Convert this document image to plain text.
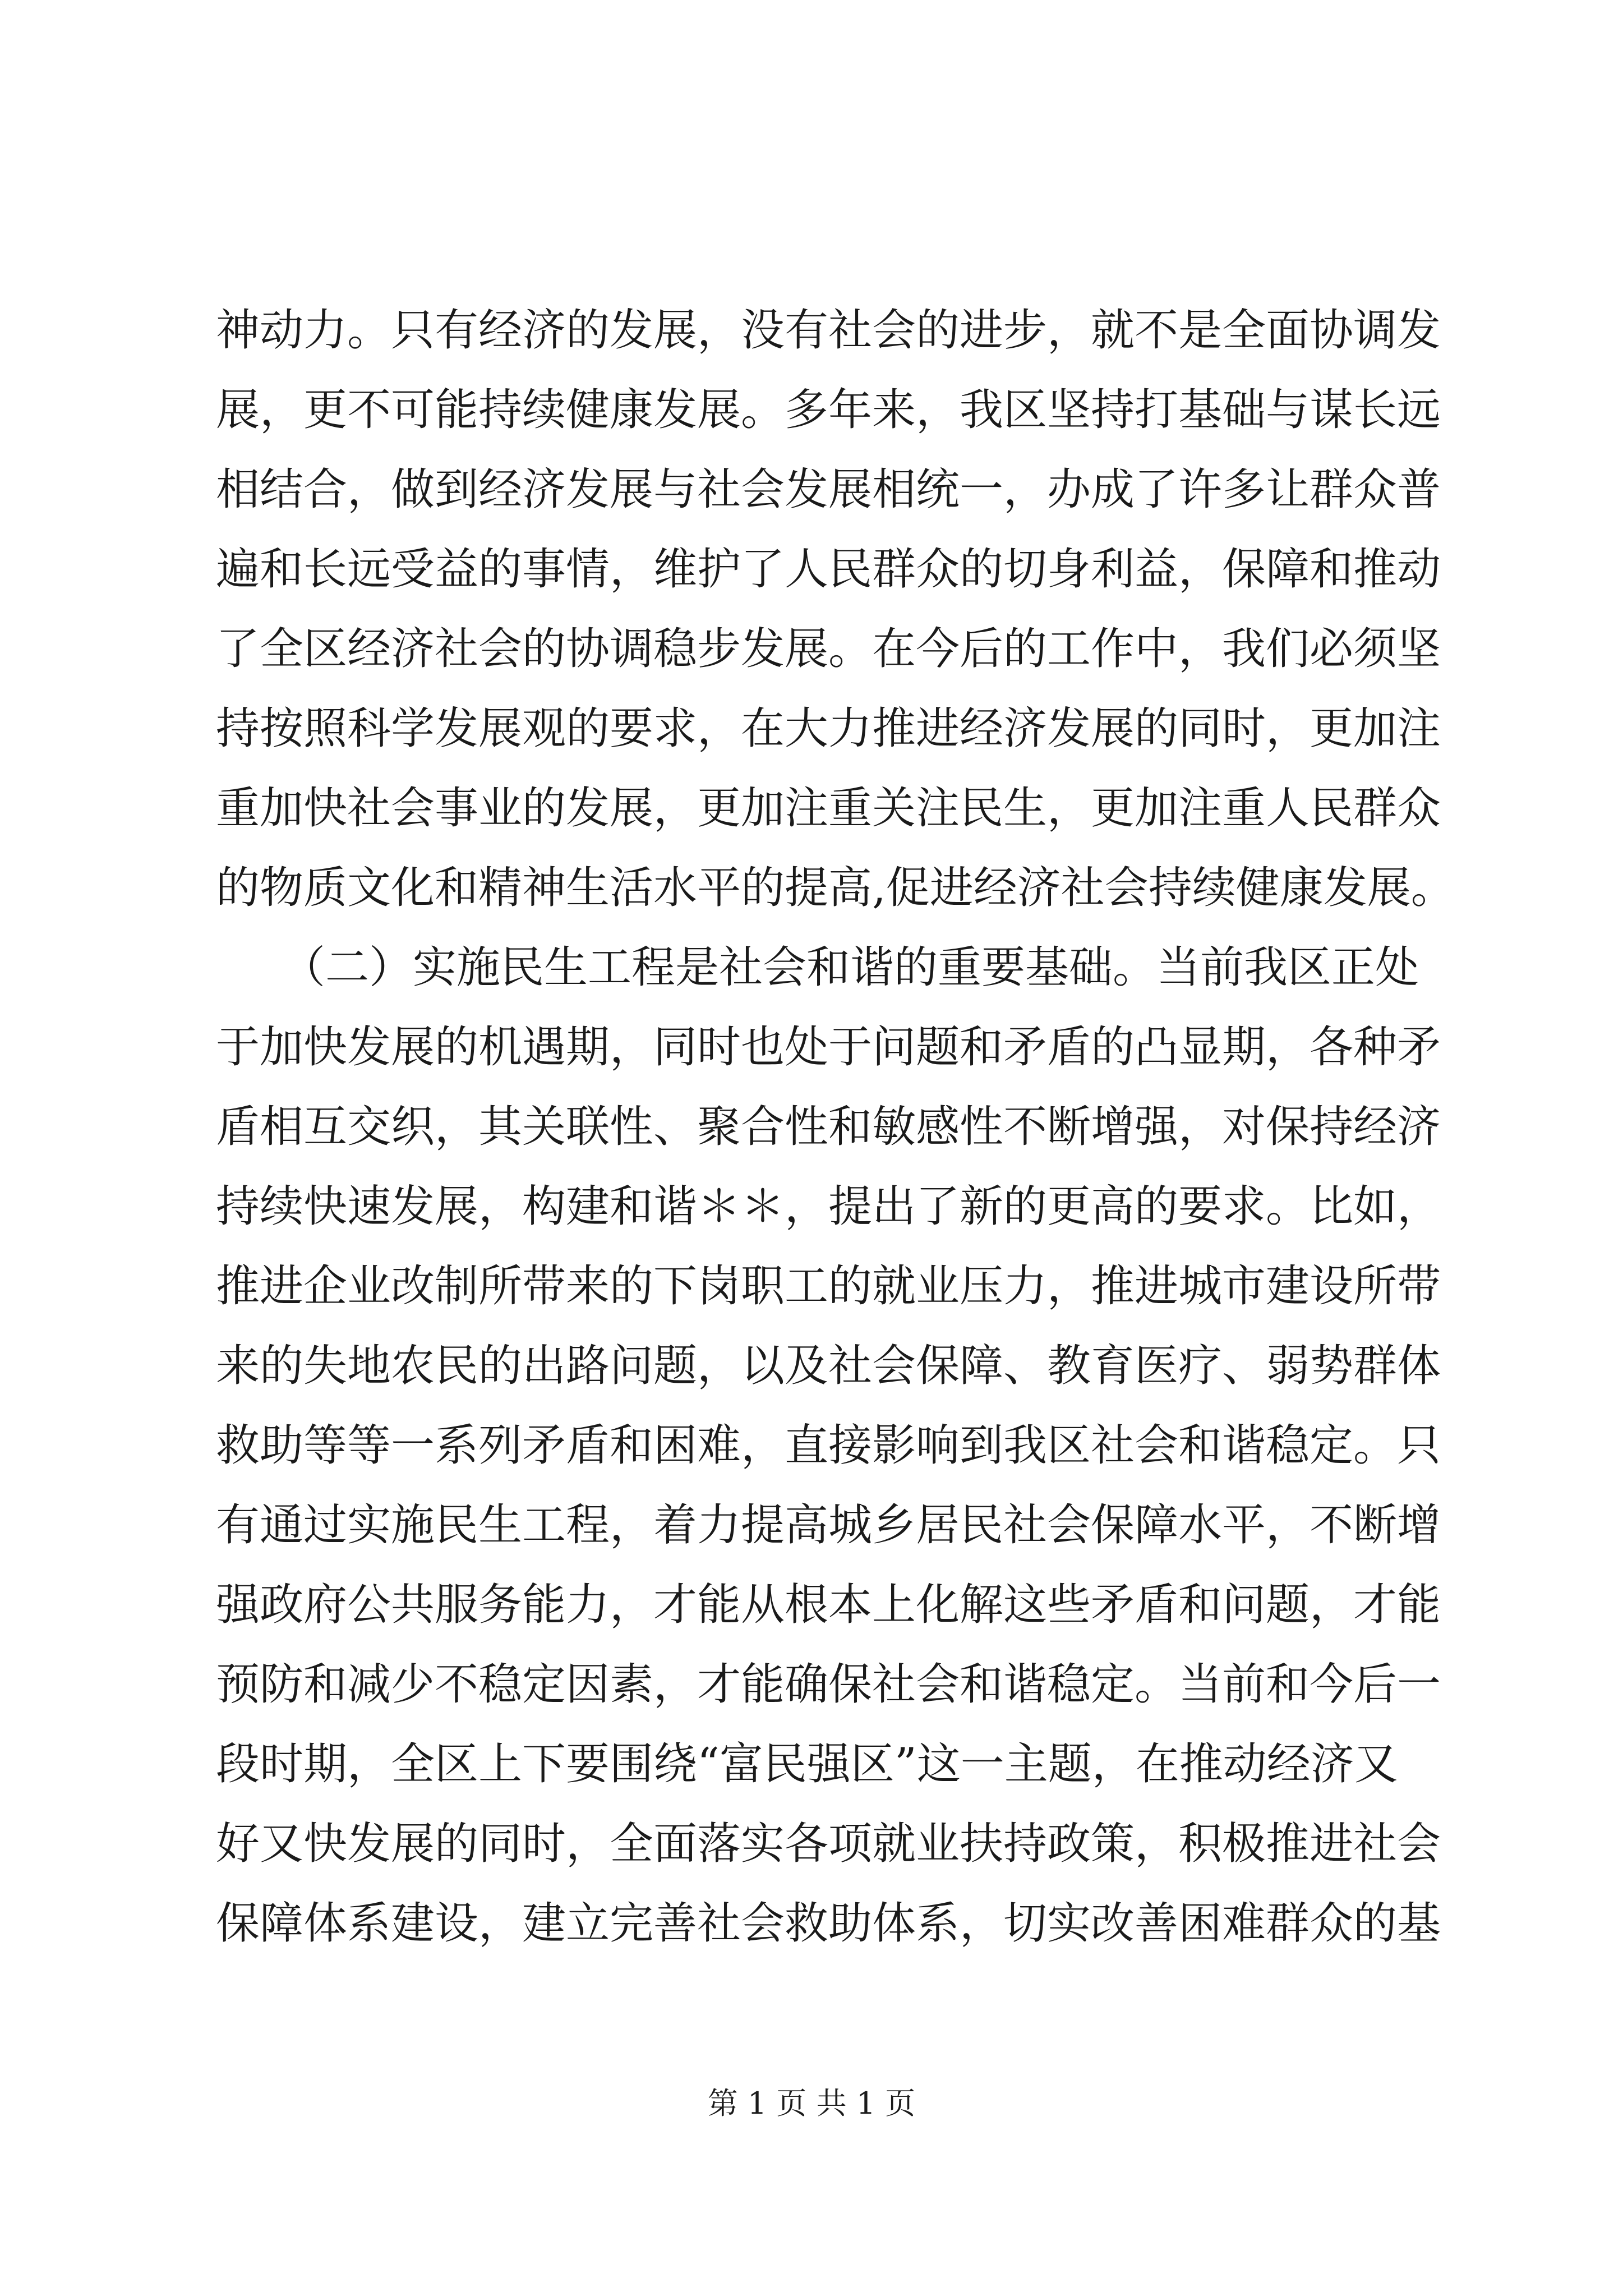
神动力。只有经济的发展，没有社会的进步，就不是全面协调发
展，更不可能持续健康发展。多年来，我区坚持打基础与谋长远
相结合，做到经济发展与社会发展相统一，办成了许多让群众普
遍和长远受益的事情，维护了人民群众的切身利益，保障和推动
了全区经济社会的协调稳步发展。在今后的工作中，我们必须坚
持按照科学发展观的要求，在大力推进经济发展的同时，更加注
重加快社会事业的发展，更加注重关注民生，更加注重人民群众
的物质文化和精神生活水平的提高,促进经济社会持续健康发展。
　　（二）实施民生工程是社会和谐的重要基础。当前我区正处
于加快发展的机遇期，同时也处于问题和矛盾的凸显期，各种矛
盾相互交织，其关联性、聚合性和敏感性不断增强，对保持经济
持续快速发展，构建和谐＊＊，提出了新的更高的要求。比如，
推进企业改制所带来的下岗职工的就业压力，推进城市建设所带
来的失地农民的出路问题，以及社会保障、教育医疗、弱势群体
救助等等一系列矛盾和困难，直接影响到我区社会和谐稳定。只
有通过实施民生工程，着力提高城乡居民社会保障水平，不断增
强政府公共服务能力，才能从根本上化解这些矛盾和问题，才能
预防和减少不稳定因素，才能确保社会和谐稳定。当前和今后一
段时期，全区上下要围绕“富民强区”这一主题，在推动经济又
好又快发展的同时，全面落实各项就业扶持政策，积极推进社会
保障体系建设，建立完善社会救助体系，切实改善困难群众的基
第 1 页 共 1 页
